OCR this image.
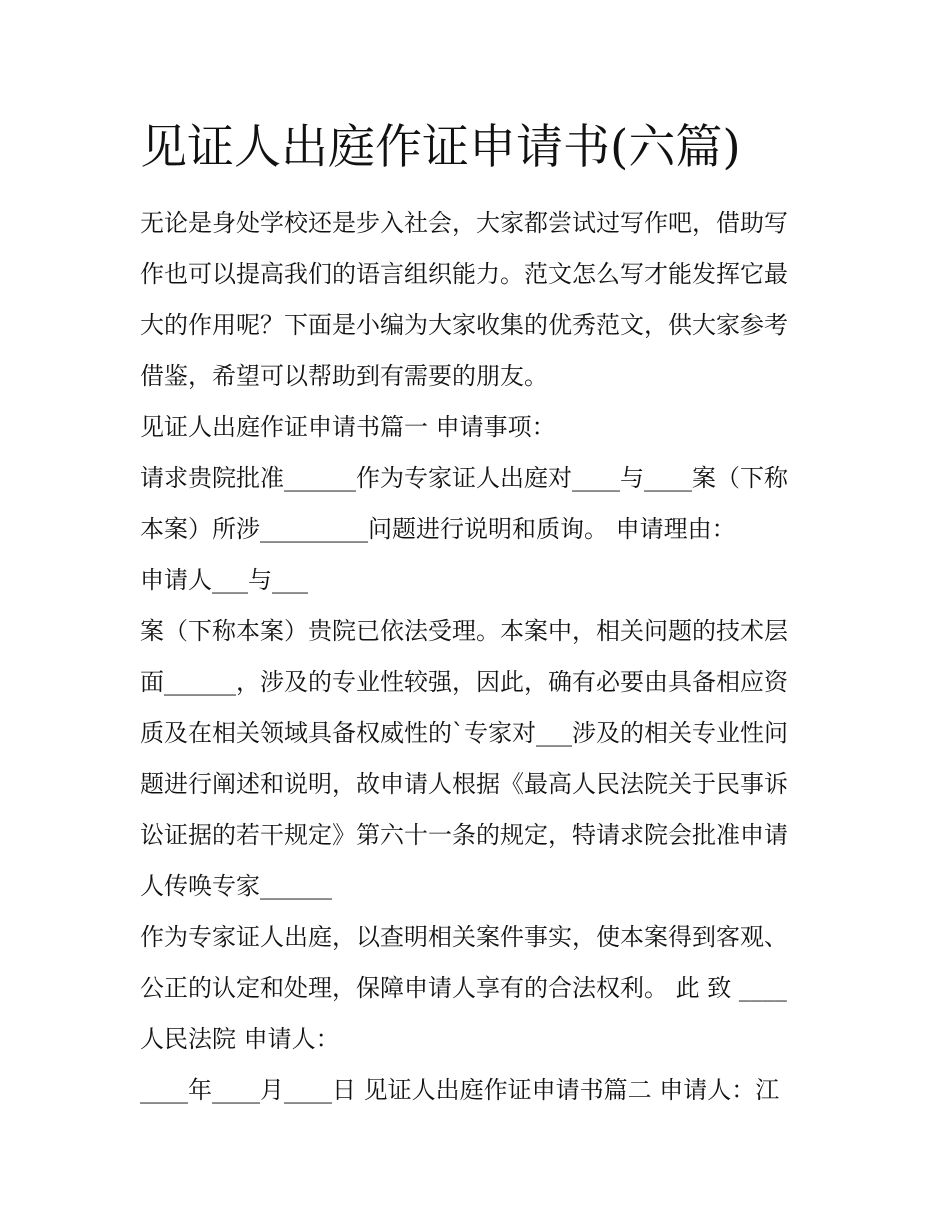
见证人出庭作证申请书(六篇)
无论是身处学校还是步入社会，大家都尝试过写作吧，借助写
作也可以提高我们的语言组织能力。范文怎么写才能发挥它最
大的作用呢？下面是小编为大家收集的优秀范文，供大家参考
借鉴，希望可以帮助到有需要的朋友。
见证人出庭作证申请书篇一 申请事项：
请求贵院批准______作为专家证人出庭对____与____案（下称
本案）所涉_________问题进行说明和质询。 申请理由：
申请人___与___
案（下称本案）贵院已依法受理。本案中，相关问题的技术层
面______，涉及的专业性较强，因此，确有必要由具备相应资
质及在相关领域具备权威性的`专家对___涉及的相关专业性问
题进行阐述和说明，故申请人根据《最高人民法院关于民事诉
讼证据的若干规定》第六十一条的规定，特请求院会批准申请
人传唤专家______
作为专家证人出庭，以查明相关案件事实，使本案得到客观、
公正的认定和处理，保障申请人享有的合法权利。 此 致 ____
人民法院 申请人：
____年____月____日 见证人出庭作证申请书篇二 申请人：江
